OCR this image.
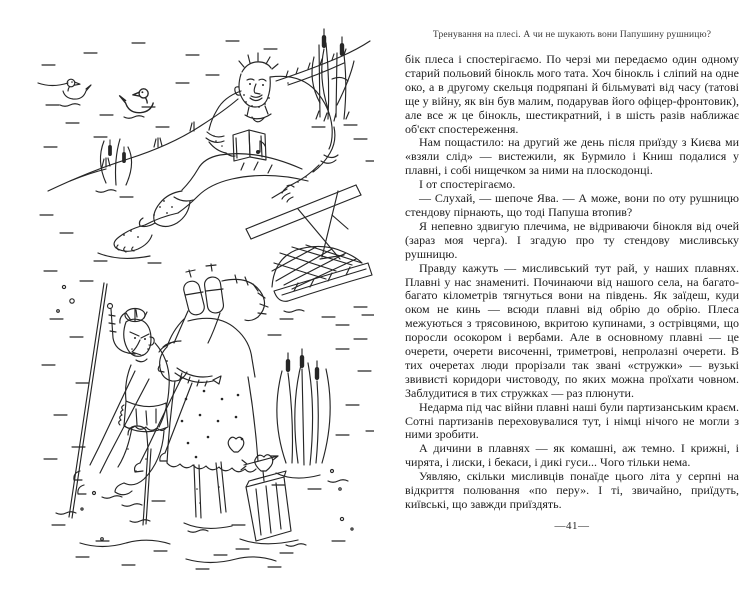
Тренування на плесі. А чи не шукають вони Папушину рушницю?

бік плеса і спостерігаємо. По черзі ми передаємо один одному старий польовий бінокль мого тата. Хоч бінокль і сліпий на одне око, а в другому скельця подряпані й більмуваті від часу (татові ще у війну, як він був малим, подарував його офіцер-фронтовик), але все ж це бінокль, шестикратний, і в шість разів наближає об'єкт спостереження.

Нам пощастило: на другий же день після приїзду з Києва ми «взяли слід» — вистежили, як Бурмило і Книш подалися у плавні, і собі нищечком за ними на плоскодонці.

І от спостерігаємо.

— Слухай, — шепоче Ява. — А може, вони по оту рушницю стендову пірнають, що тоді Папуша втопив?

Я непевно здвигую плечима, не відриваючи бінокля від очей (зараз моя черга). І згадую про ту стендову мисливську рушницю.

Правду кажуть — мисливський тут рай, у наших плавнях. Плавні у нас знамениті. Починаючи від нашого села, на багато-багато кілометрів тягнуться вони на південь. Як заїдеш, куди оком не кинь — всюди плавні від обрію до обрію. Плеса межуються з трясовиною, вкритою купинами, з острівцями, що поросли осокором і вербами. Але в основному плавні — це очерети, очерети височенні, триметрові, непролазні очерети. В тих очеретах люди прорізали так звані «стружки» — вузькі звивисті коридори чистоводу, по яких можна проїхати човном. Заблудитися в тих стружках — раз плюнути.

Недарма під час війни плавні наші були партизанським краєм. Сотні партизанів переховувалися тут, і німці нічого не могли з ними зробити.

А дичини в плавнях — як комашні, аж темно. І крижні, і чирята, і лиски, і бекаси, і дикі гуси... Чого тільки нема.

Уявляю, скільки мисливців понаїде цього літа у серпні на відкриття полювання «по перу». І ті, звичайно, приїдуть, київські, що завжди приїздять.

—41—
